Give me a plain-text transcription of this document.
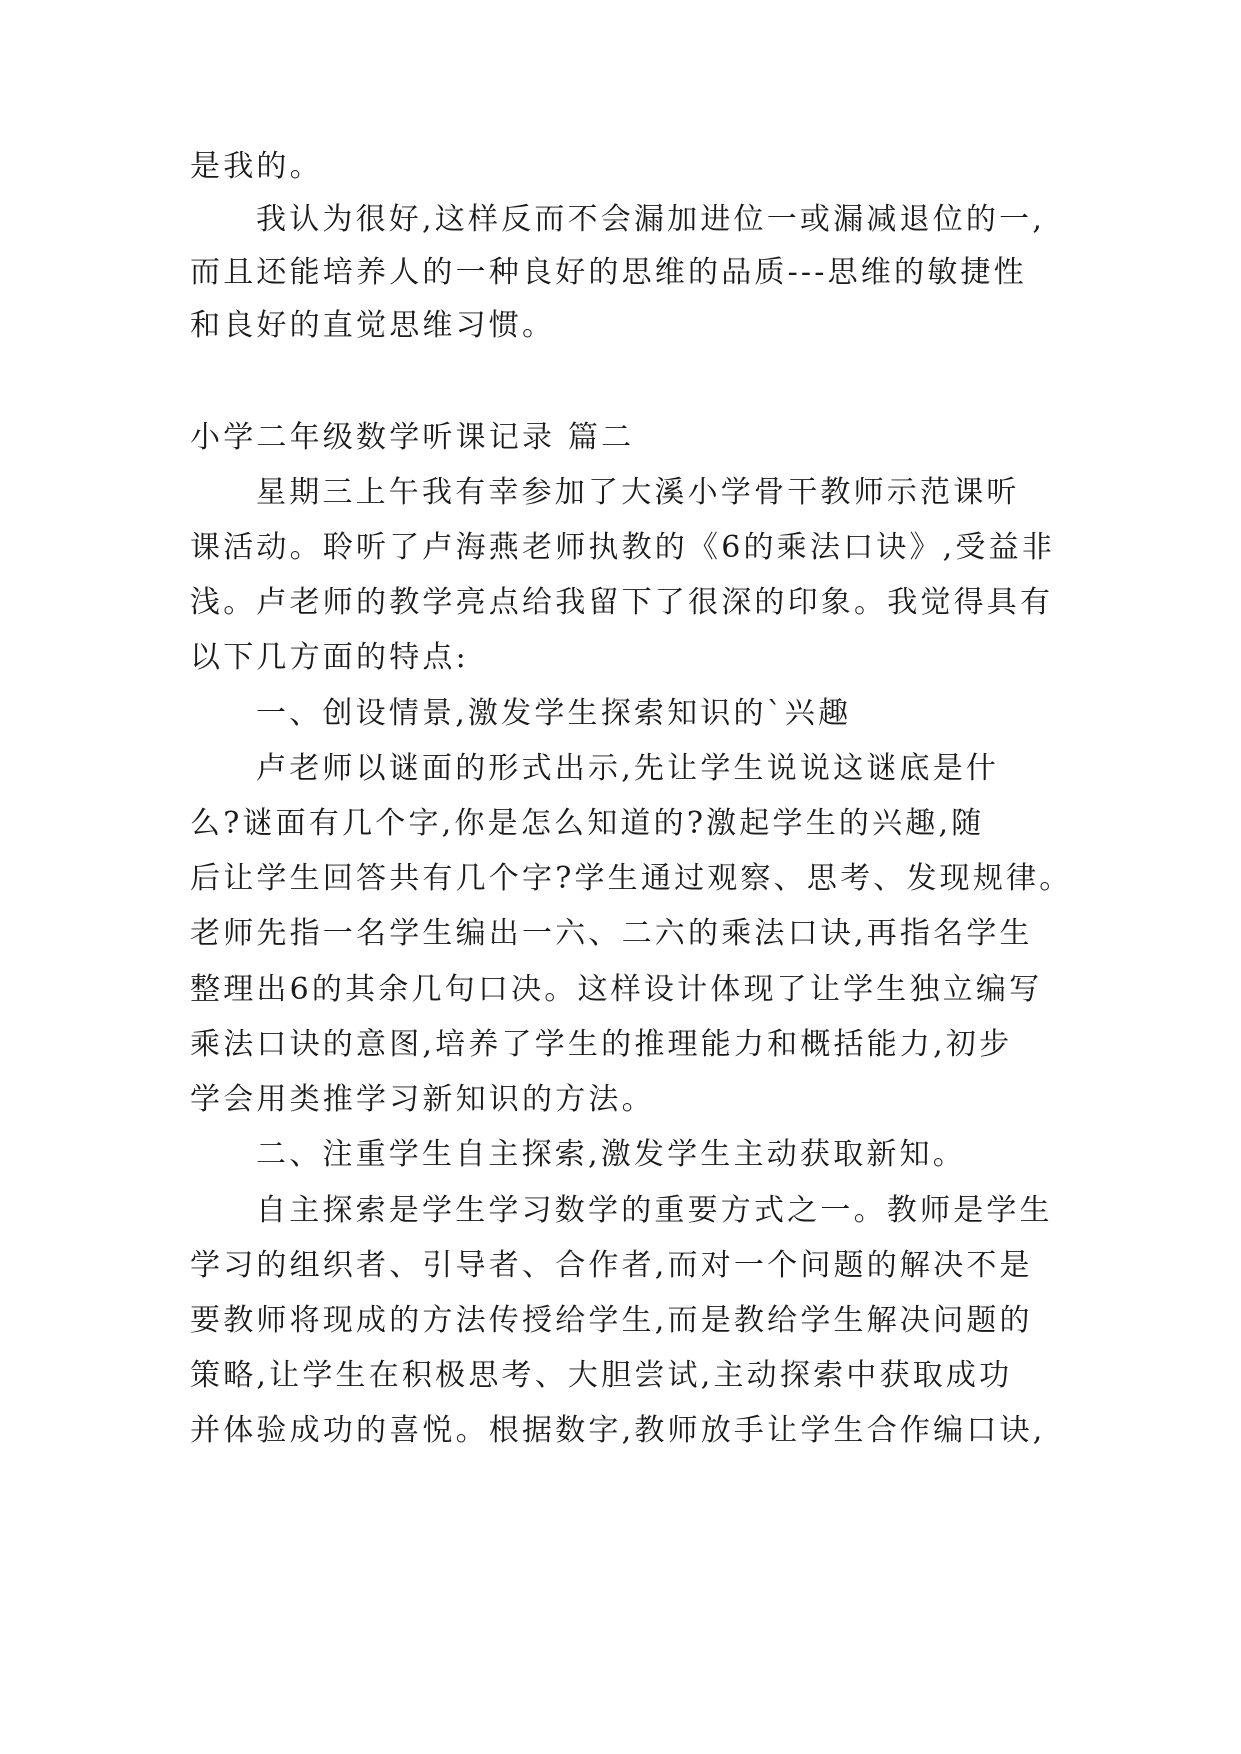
是我的。

我认为很好,这样反而不会漏加进位一或漏减退位的一,

而且还能培养人的一种良好的思维的品质---思维的敏捷性

和良好的直觉思维习惯。

小学二年级数学听课记录 篇二

星期三上午我有幸参加了大溪小学骨干教师示范课听

课活动。聆听了卢海燕老师执教的《6的乘法口诀》,受益非

浅。卢老师的教学亮点给我留下了很深的印象。我觉得具有

以下几方面的特点:

一、创设情景,激发学生探索知识的`兴趣

卢老师以谜面的形式出示,先让学生说说这谜底是什

么?谜面有几个字,你是怎么知道的?激起学生的兴趣,随

后让学生回答共有几个字?学生通过观察、思考、发现规律。

老师先指一名学生编出一六、二六的乘法口诀,再指名学生

整理出6的其余几句口决。这样设计体现了让学生独立编写

乘法口诀的意图,培养了学生的推理能力和概括能力,初步

学会用类推学习新知识的方法。

二、注重学生自主探索,激发学生主动获取新知。

自主探索是学生学习数学的重要方式之一。教师是学生

学习的组织者、引导者、合作者,而对一个问题的解决不是

要教师将现成的方法传授给学生,而是教给学生解决问题的

策略,让学生在积极思考、大胆尝试,主动探索中获取成功

并体验成功的喜悦。根据数字,教师放手让学生合作编口诀,
